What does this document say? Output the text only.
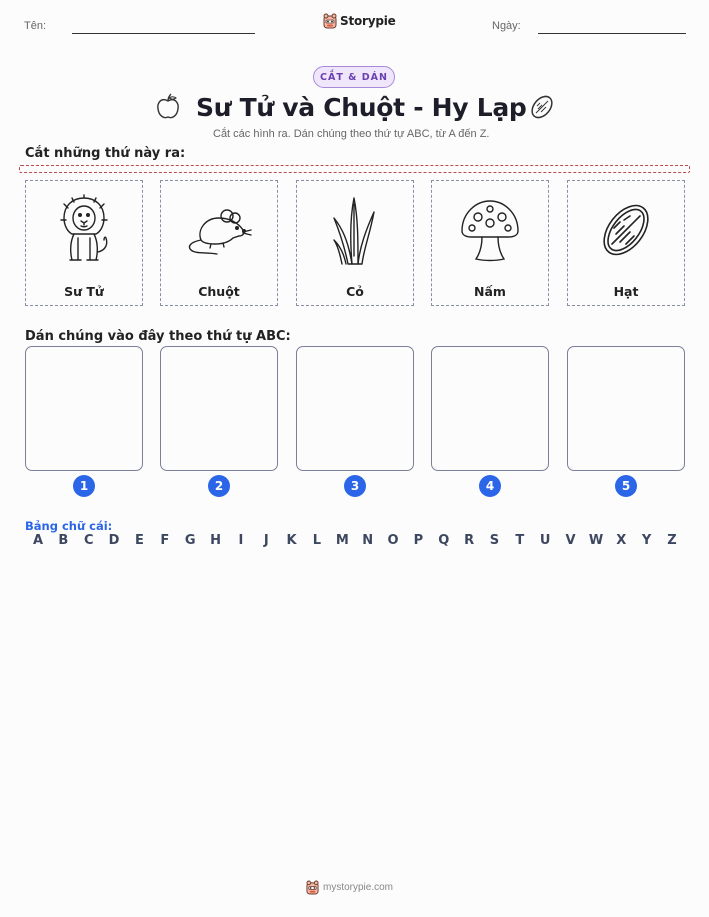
Tên:	Storypie	Ngày:
CẮT & DÁN
Sư Tử và Chuột - Hy Lạp
Cắt các hình ra. Dán chúng theo thứ tự ABC, từ A đến Z.
Cắt những thứ này ra:
Sư Tử	Chuột	Cỏ	Nấm	Hạt
Dán chúng vào đây theo thứ tự ABC:
1	2	3	4	5
Bảng chữ cái:
A B C D E F G H	I	J	K L M N O P Q R S T U V W X Y Z
mystorypie.com
